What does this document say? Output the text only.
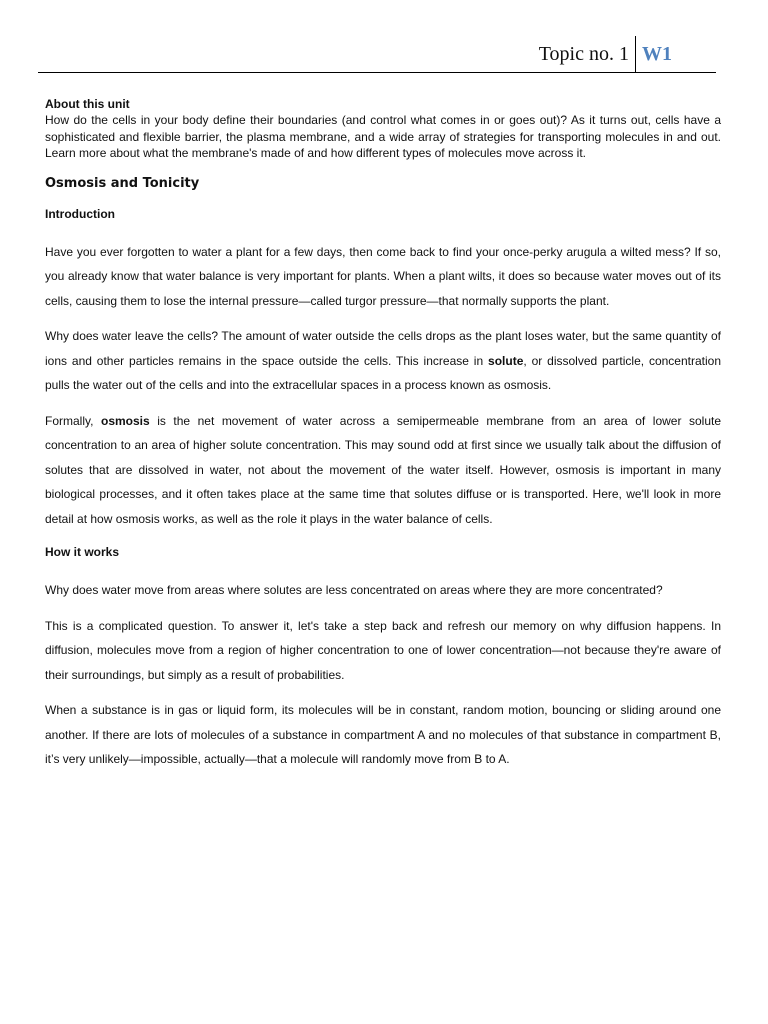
Topic no. 1 W1

About this unit

How do the cells in your body define their boundaries (and control what comes in or goes out)? As it turns out, cells have a sophisticated and flexible barrier, the plasma membrane, and a wide array of strategies for transporting molecules in and out. Learn more about what the membrane's made of and how different types of molecules move across it.

Osmosis and Tonicity

Introduction

Have you ever forgotten to water a plant for a few days, then come back to find your once-perky arugula a wilted mess? If so, you already know that water balance is very important for plants. When a plant wilts, it does so because water moves out of its cells, causing them to lose the internal pressure—called turgor pressure—that normally supports the plant.

Why does water leave the cells? The amount of water outside the cells drops as the plant loses water, but the same quantity of ions and other particles remains in the space outside the cells. This increase in solute, or dissolved particle, concentration pulls the water out of the cells and into the extracellular spaces in a process known as osmosis.

Formally, osmosis is the net movement of water across a semipermeable membrane from an area of lower solute concentration to an area of higher solute concentration. This may sound odd at first since we usually talk about the diffusion of solutes that are dissolved in water, not about the movement of the water itself. However, osmosis is important in many biological processes, and it often takes place at the same time that solutes diffuse or is transported. Here, we'll look in more detail at how osmosis works, as well as the role it plays in the water balance of cells.

How it works

Why does water move from areas where solutes are less concentrated on areas where they are more concentrated?

This is a complicated question. To answer it, let's take a step back and refresh our memory on why diffusion happens. In diffusion, molecules move from a region of higher concentration to one of lower concentration—not because they're aware of their surroundings, but simply as a result of probabilities.

When a substance is in gas or liquid form, its molecules will be in constant, random motion, bouncing or sliding around one another. If there are lots of molecules of a substance in compartment A and no molecules of that substance in compartment B, it’s very unlikely—impossible, actually—that a molecule will randomly move from B to A.
